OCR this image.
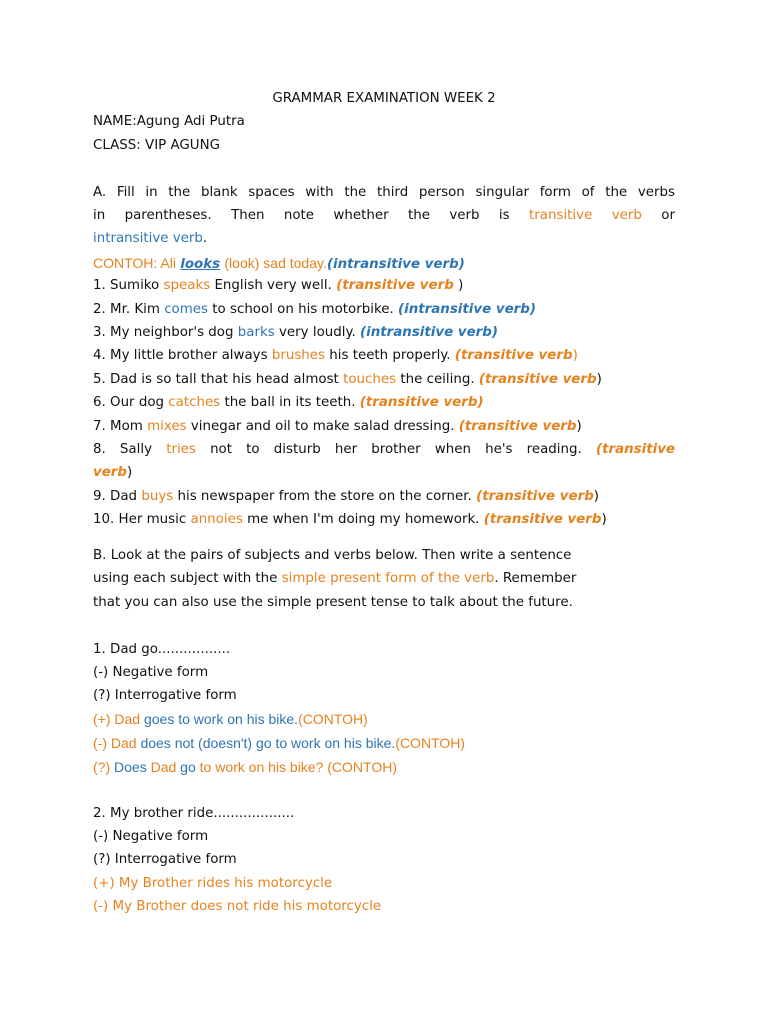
GRAMMAR EXAMINATION WEEK 2
NAME:Agung Adi Putra
CLASS: VIP AGUNG
A. Fill in the blank spaces with the third person singular form of the verbs
in parentheses. Then note whether the verb is transitive verb or
intransitive verb.
CONTOH: Ali looks (look) sad today.(intransitive verb)
1. Sumiko speaks English very well. (transitive verb )
2. Mr. Kim comes to school on his motorbike. (intransitive verb)
3. My neighbor's dog barks very loudly. (intransitive verb)
4. My little brother always brushes his teeth properly. (transitive verb)
5. Dad is so tall that his head almost touches the ceiling. (transitive verb)
6. Our dog catches the ball in its teeth. (transitive verb)
7. Mom mixes vinegar and oil to make salad dressing. (transitive verb)
8. Sally tries not to disturb her brother when he's reading. (transitive
verb)
9. Dad buys his newspaper from the store on the corner. (transitive verb)
10. Her music annoies me when I'm doing my homework. (transitive verb)
B. Look at the pairs of subjects and verbs below. Then write a sentence
using each subject with the simple present form of the verb. Remember
that you can also use the simple present tense to talk about the future.
1. Dad go.................
(-) Negative form
(?) Interrogative form
(+) Dad goes to work on his bike.(CONTOH)
(-) Dad does not (doesn't) go to work on his bike.(CONTOH)
(?) Does Dad go to work on his bike? (CONTOH)
2. My brother ride...................
(-) Negative form
(?) Interrogative form
(+) My Brother rides his motorcycle
(-) My Brother does not ride his motorcycle
